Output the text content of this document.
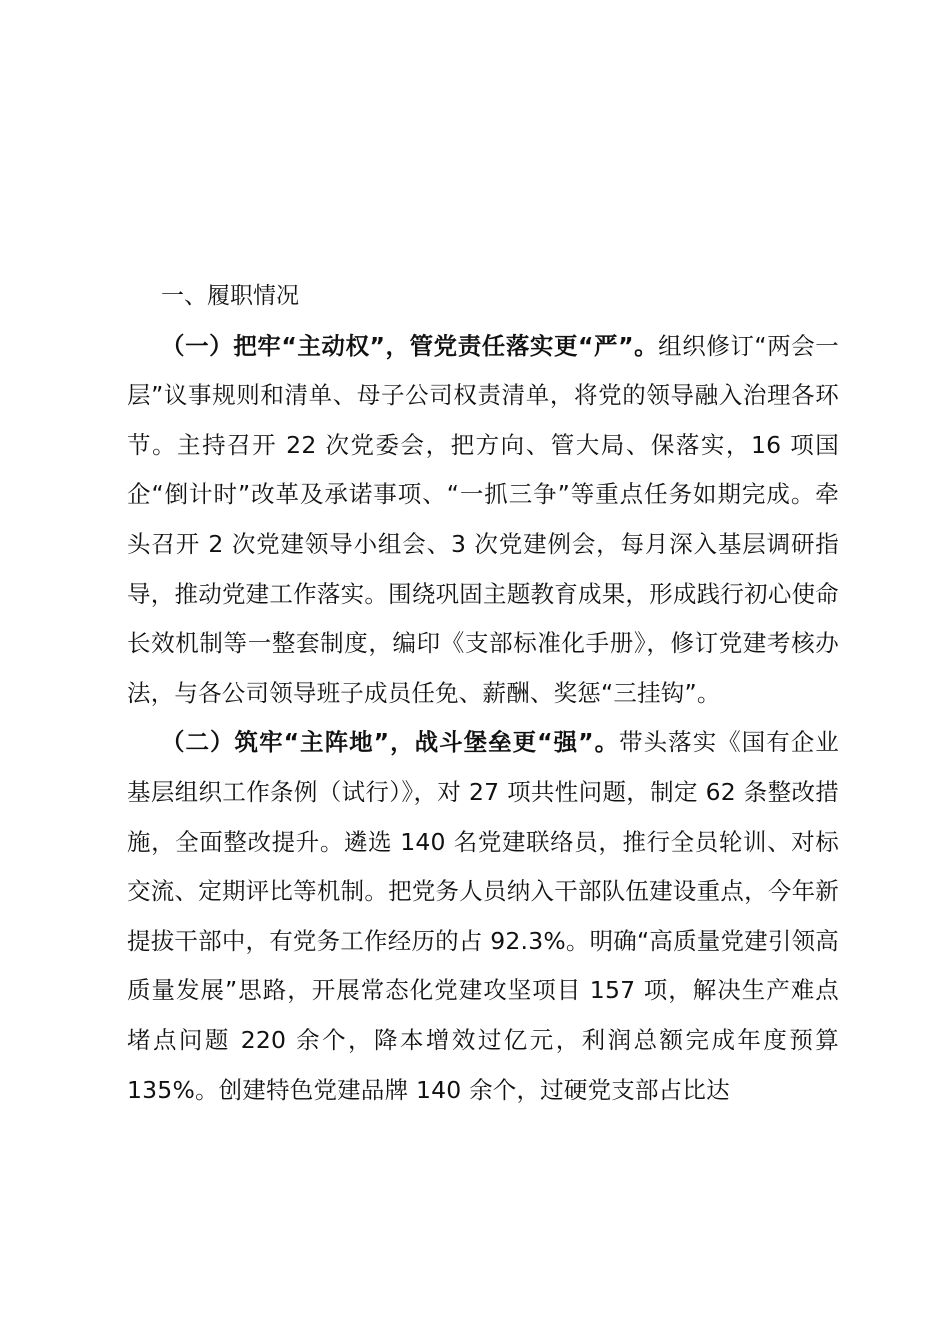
一、履职情况

（一）把牢“主动权”，管党责任落实更“严”。组织修订“两会一层”议事规则和清单、母子公司权责清单，将党的领导融入治理各环节。主持召开 22 次党委会，把方向、管大局、保落实，16 项国企“倒计时”改革及承诺事项、“一抓三争”等重点任务如期完成。牵头召开 2 次党建领导小组会、3 次党建例会，每月深入基层调研指导，推动党建工作落实。围绕巩固主题教育成果，形成践行初心使命长效机制等一整套制度，编印《支部标准化手册》，修订党建考核办法，与各公司领导班子成员任免、薪酬、奖惩“三挂钩”。

（二）筑牢“主阵地”，战斗堡垒更“强”。带头落实《国有企业基层组织工作条例（试行）》，对 27 项共性问题，制定 62 条整改措施，全面整改提升。遴选 140 名党建联络员，推行全员轮训、对标交流、定期评比等机制。把党务人员纳入干部队伍建设重点，今年新提拔干部中，有党务工作经历的占 92.3%。明确“高质量党建引领高质量发展”思路，开展常态化党建攻坚项目 157 项，解决生产难点堵点问题 220 余个，降本增效过亿元，利润总额完成年度预算 135%。创建特色党建品牌 140 余个，过硬党支部占比达
